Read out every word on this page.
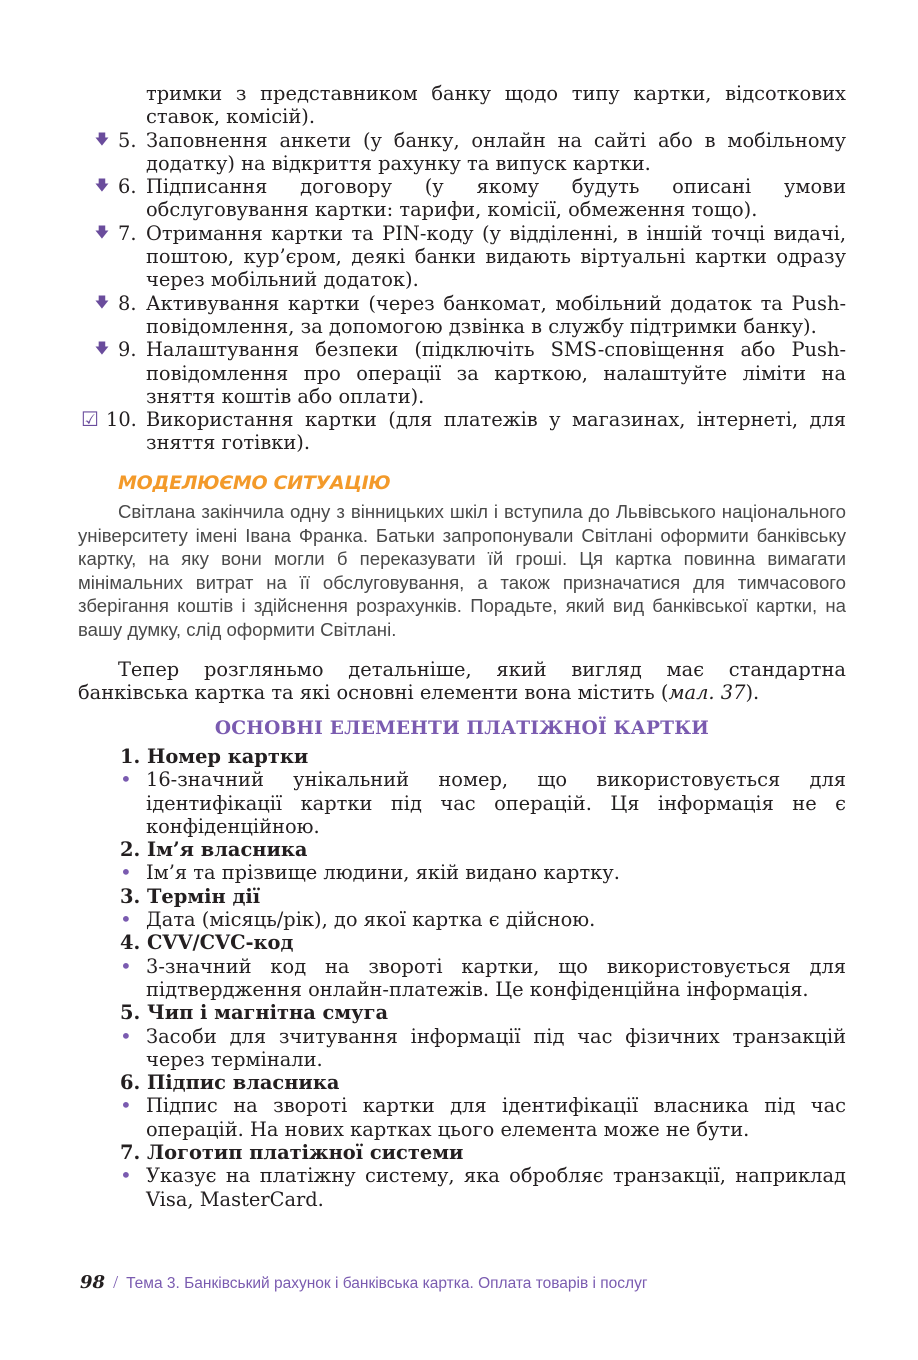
тримки з представником банку щодо типу картки, відсоткових ставок, комісій).

🡇 5. Заповнення анкети (у банку, онлайн на сайті або в мобільному додатку) на відкриття рахунку та випуск картки.

🡇 6. Підписання договору (у якому будуть описані умови обслуговування картки: тарифи, комісії, обмеження тощо).

🡇 7. Отримання картки та PIN-коду (у відділенні, в іншій точці видачі, поштою, кур’єром, деякі банки видають віртуальні картки одразу через мобільний додаток).

🡇 8. Активування картки (через банкомат, мобільний додаток та Push-повідомлення, за допомогою дзвінка в службу підтримки банку).

🡇 9. Налаштування безпеки (підключіть SMS-сповіщення або Push-повідомлення про операції за карткою, налаштуйте ліміти на зняття коштів або оплати).

☑ 10. Використання картки (для платежів у магазинах, інтернеті, для зняття готівки).

МОДЕЛЮЄМО СИТУАЦІЮ

Світлана закінчила одну з вінницьких шкіл і вступила до Львівського національного університету імені Івана Франка. Батьки запропонували Світлані оформити банківську картку, на яку вони могли б переказувати їй гроші. Ця картка повинна вимагати мінімальних витрат на її обслуговування, а також призначатися для тимчасового зберігання коштів і здійснення розрахунків. Порадьте, який вид банківської картки, на вашу думку, слід оформити Світлані.

Тепер розгляньмо детальніше, який вигляд має стандартна банківська картка та які основні елементи вона містить (мал. 37).

ОСНОВНІ ЕЛЕМЕНТИ ПЛАТІЖНОЇ КАРТКИ

1. Номер картки

• 16-значний унікальний номер, що використовується для ідентифікації картки під час операцій. Ця інформація не є конфіденційною.

2. Ім’я власника

• Ім’я та прізвище людини, якій видано картку.

3. Термін дії

• Дата (місяць/рік), до якої картка є дійсною.

4. CVV/CVC-код

• 3-значний код на звороті картки, що використовується для підтвердження онлайн-платежів. Це конфіденційна інформація.

5. Чип і магнітна смуга

• Засоби для зчитування інформації під час фізичних транзакцій через термінали.

6. Підпис власника

• Підпис на звороті картки для ідентифікації власника під час операцій. На нових картках цього елемента може не бути.

7. Логотип платіжної системи

• Указує на платіжну систему, яка обробляє транзакції, наприклад Visa, MasterCard.

98 / Тема 3. Банківський рахунок і банківська картка. Оплата товарів і послуг
